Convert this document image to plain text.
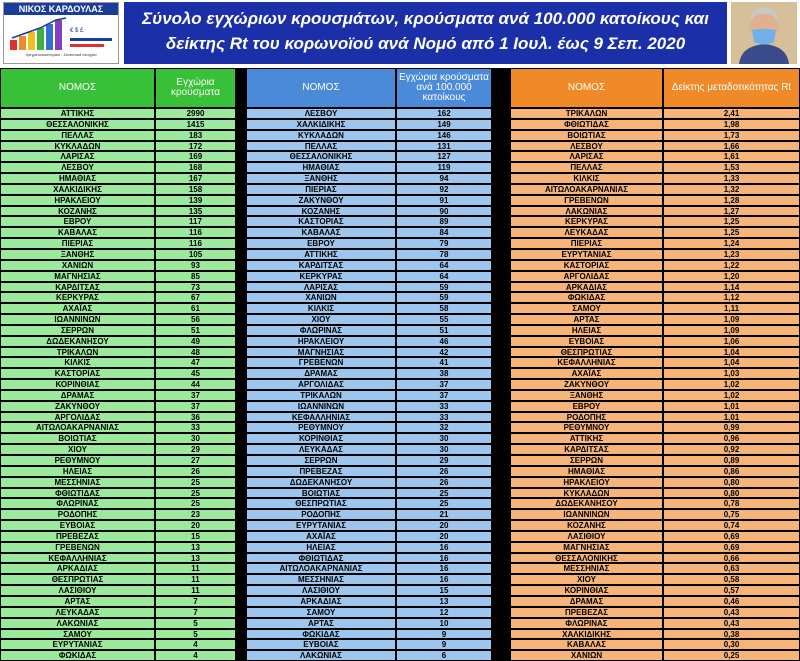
ΝΙΚΟΣ ΚΑΡΔΟΥΛΑΣ
€ $ £
Χρηματοοικονομικά · Στατιστικά στοιχεία
Σύνολο εγχώριων κρουσμάτων, κρούσματα ανά 100.000 κατοίκους και
δείκτης Rt του κορωνοϊού ανά Νομό από 1 Ιουλ. έως 9 Σεπ. 2020
ΝΟΜΟΣ	Εγχώρια κρούσματα
ΑΤΤΙΚΗΣ	2990
ΘΕΣΣΑΛΟΝΙΚΗΣ	1415
ΠΕΛΛΑΣ	183
ΚΥΚΛΑΔΩΝ	172
ΛΑΡΙΣΑΣ	169
ΛΕΣΒΟΥ	168
ΗΜΑΘΙΑΣ	167
ΧΑΛΚΙΔΙΚΗΣ	158
ΗΡΑΚΛΕΙΟΥ	139
ΚΟΖΑΝΗΣ	135
ΕΒΡΟΥ	117
ΚΑΒΑΛΑΣ	116
ΠΙΕΡΙΑΣ	116
ΞΑΝΘΗΣ	105
ΧΑΝΙΩΝ	93
ΜΑΓΝΗΣΙΑΣ	85
ΚΑΡΔΙΤΣΑΣ	73
ΚΕΡΚΥΡΑΣ	67
ΑΧΑΪΑΣ	61
ΙΩΑΝΝΙΝΩΝ	56
ΣΕΡΡΩΝ	51
ΔΩΔΕΚΑΝΗΣΟΥ	49
ΤΡΙΚΑΛΩΝ	48
ΚΙΛΚΙΣ	47
ΚΑΣΤΟΡΙΑΣ	45
ΚΟΡΙΝΘΙΑΣ	44
ΔΡΑΜΑΣ	37
ΖΑΚΥΝΘΟΥ	37
ΑΡΓΟΛΙΔΑΣ	36
ΑΙΤΩΛΟΑΚΑΡΝΑΝΙΑΣ	33
ΒΟΙΩΤΙΑΣ	30
ΧΙΟΥ	29
ΡΕΘΥΜΝΟΥ	27
ΗΛΕΙΑΣ	26
ΜΕΣΣΗΝΙΑΣ	25
ΦΘΙΩΤΙΔΑΣ	25
ΦΛΩΡΙΝΑΣ	25
ΡΟΔΟΠΗΣ	23
ΕΥΒΟΙΑΣ	20
ΠΡΕΒΕΖΑΣ	15
ΓΡΕΒΕΝΩΝ	13
ΚΕΦΑΛΛΗΝΙΑΣ	13
ΑΡΚΑΔΙΑΣ	11
ΘΕΣΠΡΩΤΙΑΣ	11
ΛΑΣΙΘΙΟΥ	11
ΑΡΤΑΣ	7
ΛΕΥΚΑΔΑΣ	7
ΛΑΚΩΝΙΑΣ	5
ΣΑΜΟΥ	5
ΕΥΡΥΤΑΝΙΑΣ	4
ΦΩΚΙΔΑΣ	4
ΝΟΜΟΣ
Εγχώρια κρούσματα ανά 100.000 κατοίκους
ΛΕΣΒΟΥ	162
ΧΑΛΚΙΔΙΚΗΣ	149
ΚΥΚΛΑΔΩΝ	146
ΠΕΛΛΑΣ	131
ΘΕΣΣΑΛΟΝΙΚΗΣ	127
ΗΜΑΘΙΑΣ	119
ΞΑΝΘΗΣ	94
ΠΙΕΡΙΑΣ	92
ΖΑΚΥΝΘΟΥ	91
ΚΟΖΑΝΗΣ	90
ΚΑΣΤΟΡΙΑΣ	89
ΚΑΒΑΛΑΣ	84
ΕΒΡΟΥ	79
ΑΤΤΙΚΗΣ	78
ΚΑΡΔΙΤΣΑΣ	64
ΚΕΡΚΥΡΑΣ	64
ΛΑΡΙΣΑΣ	59
ΧΑΝΙΩΝ	59
ΚΙΛΚΙΣ	58
ΧΙΟΥ	55
ΦΛΩΡΙΝΑΣ	51
ΗΡΑΚΛΕΙΟΥ	46
ΜΑΓΝΗΣΙΑΣ	42
ΓΡΕΒΕΝΩΝ	41
ΔΡΑΜΑΣ	38
ΑΡΓΟΛΙΔΑΣ	37
ΤΡΙΚΑΛΩΝ	37
ΙΩΑΝΝΙΝΩΝ	33
ΚΕΦΑΛΛΗΝΙΑΣ	33
ΡΕΘΥΜΝΟΥ	32
ΚΟΡΙΝΘΙΑΣ	30
ΛΕΥΚΑΔΑΣ	30
ΣΕΡΡΩΝ	29
ΠΡΕΒΕΖΑΣ	26
ΔΩΔΕΚΑΝΗΣΟΥ	26
ΒΟΙΩΤΙΑΣ	25
ΘΕΣΠΡΩΤΙΑΣ	25
ΡΟΔΟΠΗΣ	21
ΕΥΡΥΤΑΝΙΑΣ	20
ΑΧΑΪΑΣ	20
ΗΛΕΙΑΣ	16
ΦΘΙΩΤΙΔΑΣ	16
ΑΙΤΩΛΟΑΚΑΡΝΑΝΙΑΣ	16
ΜΕΣΣΗΝΙΑΣ	16
ΛΑΣΙΘΙΟΥ	15
ΑΡΚΑΔΙΑΣ	13
ΣΑΜΟΥ	12
ΑΡΤΑΣ	10
ΦΩΚΙΔΑΣ	9
ΕΥΒΟΙΑΣ	9
ΛΑΚΩΝΙΑΣ	6
ΝΟΜΟΣ	Δείκτης μεταδοτικότητας Rt
ΤΡΙΚΑΛΩΝ	2,41
ΦΘΙΩΤΙΔΑΣ	1,98
ΒΟΙΩΤΙΑΣ	1,73
ΛΕΣΒΟΥ	1,66
ΛΑΡΙΣΑΣ	1,61
ΠΕΛΛΑΣ	1,53
ΚΙΛΚΙΣ	1,33
ΑΙΤΩΛΟΑΚΑΡΝΑΝΙΑΣ	1,32
ΓΡΕΒΕΝΩΝ	1,28
ΛΑΚΩΝΙΑΣ	1,27
ΚΕΡΚΥΡΑΣ	1,25
ΛΕΥΚΑΔΑΣ	1,25
ΠΙΕΡΙΑΣ	1,24
ΕΥΡΥΤΑΝΙΑΣ	1,23
ΚΑΣΤΟΡΙΑΣ	1,22
ΑΡΓΟΛΙΔΑΣ	1,20
ΑΡΚΑΔΙΑΣ	1,14
ΦΩΚΙΔΑΣ	1,12
ΣΑΜΟΥ	1,11
ΑΡΤΑΣ	1,09
ΗΛΕΙΑΣ	1,09
ΕΥΒΟΙΑΣ	1,06
ΘΕΣΠΡΩΤΙΑΣ	1,04
ΚΕΦΑΛΛΗΝΙΑΣ	1,04
ΑΧΑΪΑΣ	1,03
ΖΑΚΥΝΘΟΥ	1,02
ΞΑΝΘΗΣ	1,02
ΕΒΡΟΥ	1,01
ΡΟΔΟΠΗΣ	1,01
ΡΕΘΥΜΝΟΥ	0,99
ΑΤΤΙΚΗΣ	0,96
ΚΑΡΔΙΤΣΑΣ	0,92
ΣΕΡΡΩΝ	0,89
ΗΜΑΘΙΑΣ	0,86
ΗΡΑΚΛΕΙΟΥ	0,80
ΚΥΚΛΑΔΩΝ	0,80
ΔΩΔΕΚΑΝΗΣΟΥ	0,78
ΙΩΑΝΝΙΝΩΝ	0,75
ΚΟΖΑΝΗΣ	0,74
ΛΑΣΙΘΙΟΥ	0,69
ΜΑΓΝΗΣΙΑΣ	0,69
ΘΕΣΣΑΛΟΝΙΚΗΣ	0,66
ΜΕΣΣΗΝΙΑΣ	0,63
ΧΙΟΥ	0,58
ΚΟΡΙΝΘΙΑΣ	0,57
ΔΡΑΜΑΣ	0,46
ΠΡΕΒΕΖΑΣ	0,43
ΦΛΩΡΙΝΑΣ	0,43
ΧΑΛΚΙΔΙΚΗΣ	0,38
ΚΑΒΑΛΑΣ	0,30
ΧΑΝΙΩΝ	0,25
